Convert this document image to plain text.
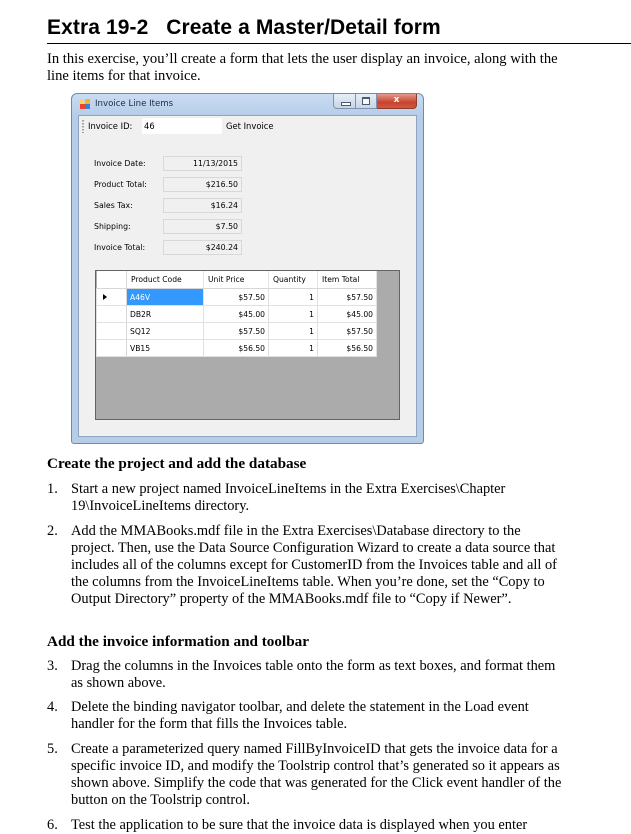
Extra 19-2   Create a Master/Detail form
In this exercise, you’ll create a form that lets the user display an invoice, along with the line items for that invoice.
Invoice Line Items	x
Invoice ID:
46	Get Invoice
Invoice Date:	11/13/2015
Product Total:	$216.50
Sales Tax:	$16.24
Shipping:	$7.50
Invoice Total:	$240.24
	Product Code	Unit Price	Quantity	Item Total

	A46V	$57.50	1	$57.50
	DB2R	$45.00	1	$45.00
	SQ12	$57.50	1	$57.50
	VB15	$56.50	1	$56.50
Create the project and add the database
1. Start a new project named InvoiceLineItems in the Extra Exercises\Chapter 19\InvoiceLineItems directory.
2. Add the MMABooks.mdf file in the Extra Exercises\Database directory to the project. Then, use the Data Source Configuration Wizard to create a data source that includes all of the columns except for CustomerID from the Invoices table and all of the columns from the InvoiceLineItems table. When you’re done, set the “Copy to Output Directory” property of the MMABooks.mdf file to “Copy if Newer”.
Add the invoice information and toolbar
3. Drag the columns in the Invoices table onto the form as text boxes, and format them as shown above.
4. Delete the binding navigator toolbar, and delete the statement in the Load event handler for the form that fills the Invoices table.
5. Create a parameterized query named FillByInvoiceID that gets the invoice data for a specific invoice ID, and modify the Toolstrip control that’s generated so it appears as shown above. Simplify the code that was generated for the Click event handler of the button on the Toolstrip control.
6. Test the application to be sure that the invoice data is displayed when you enter
